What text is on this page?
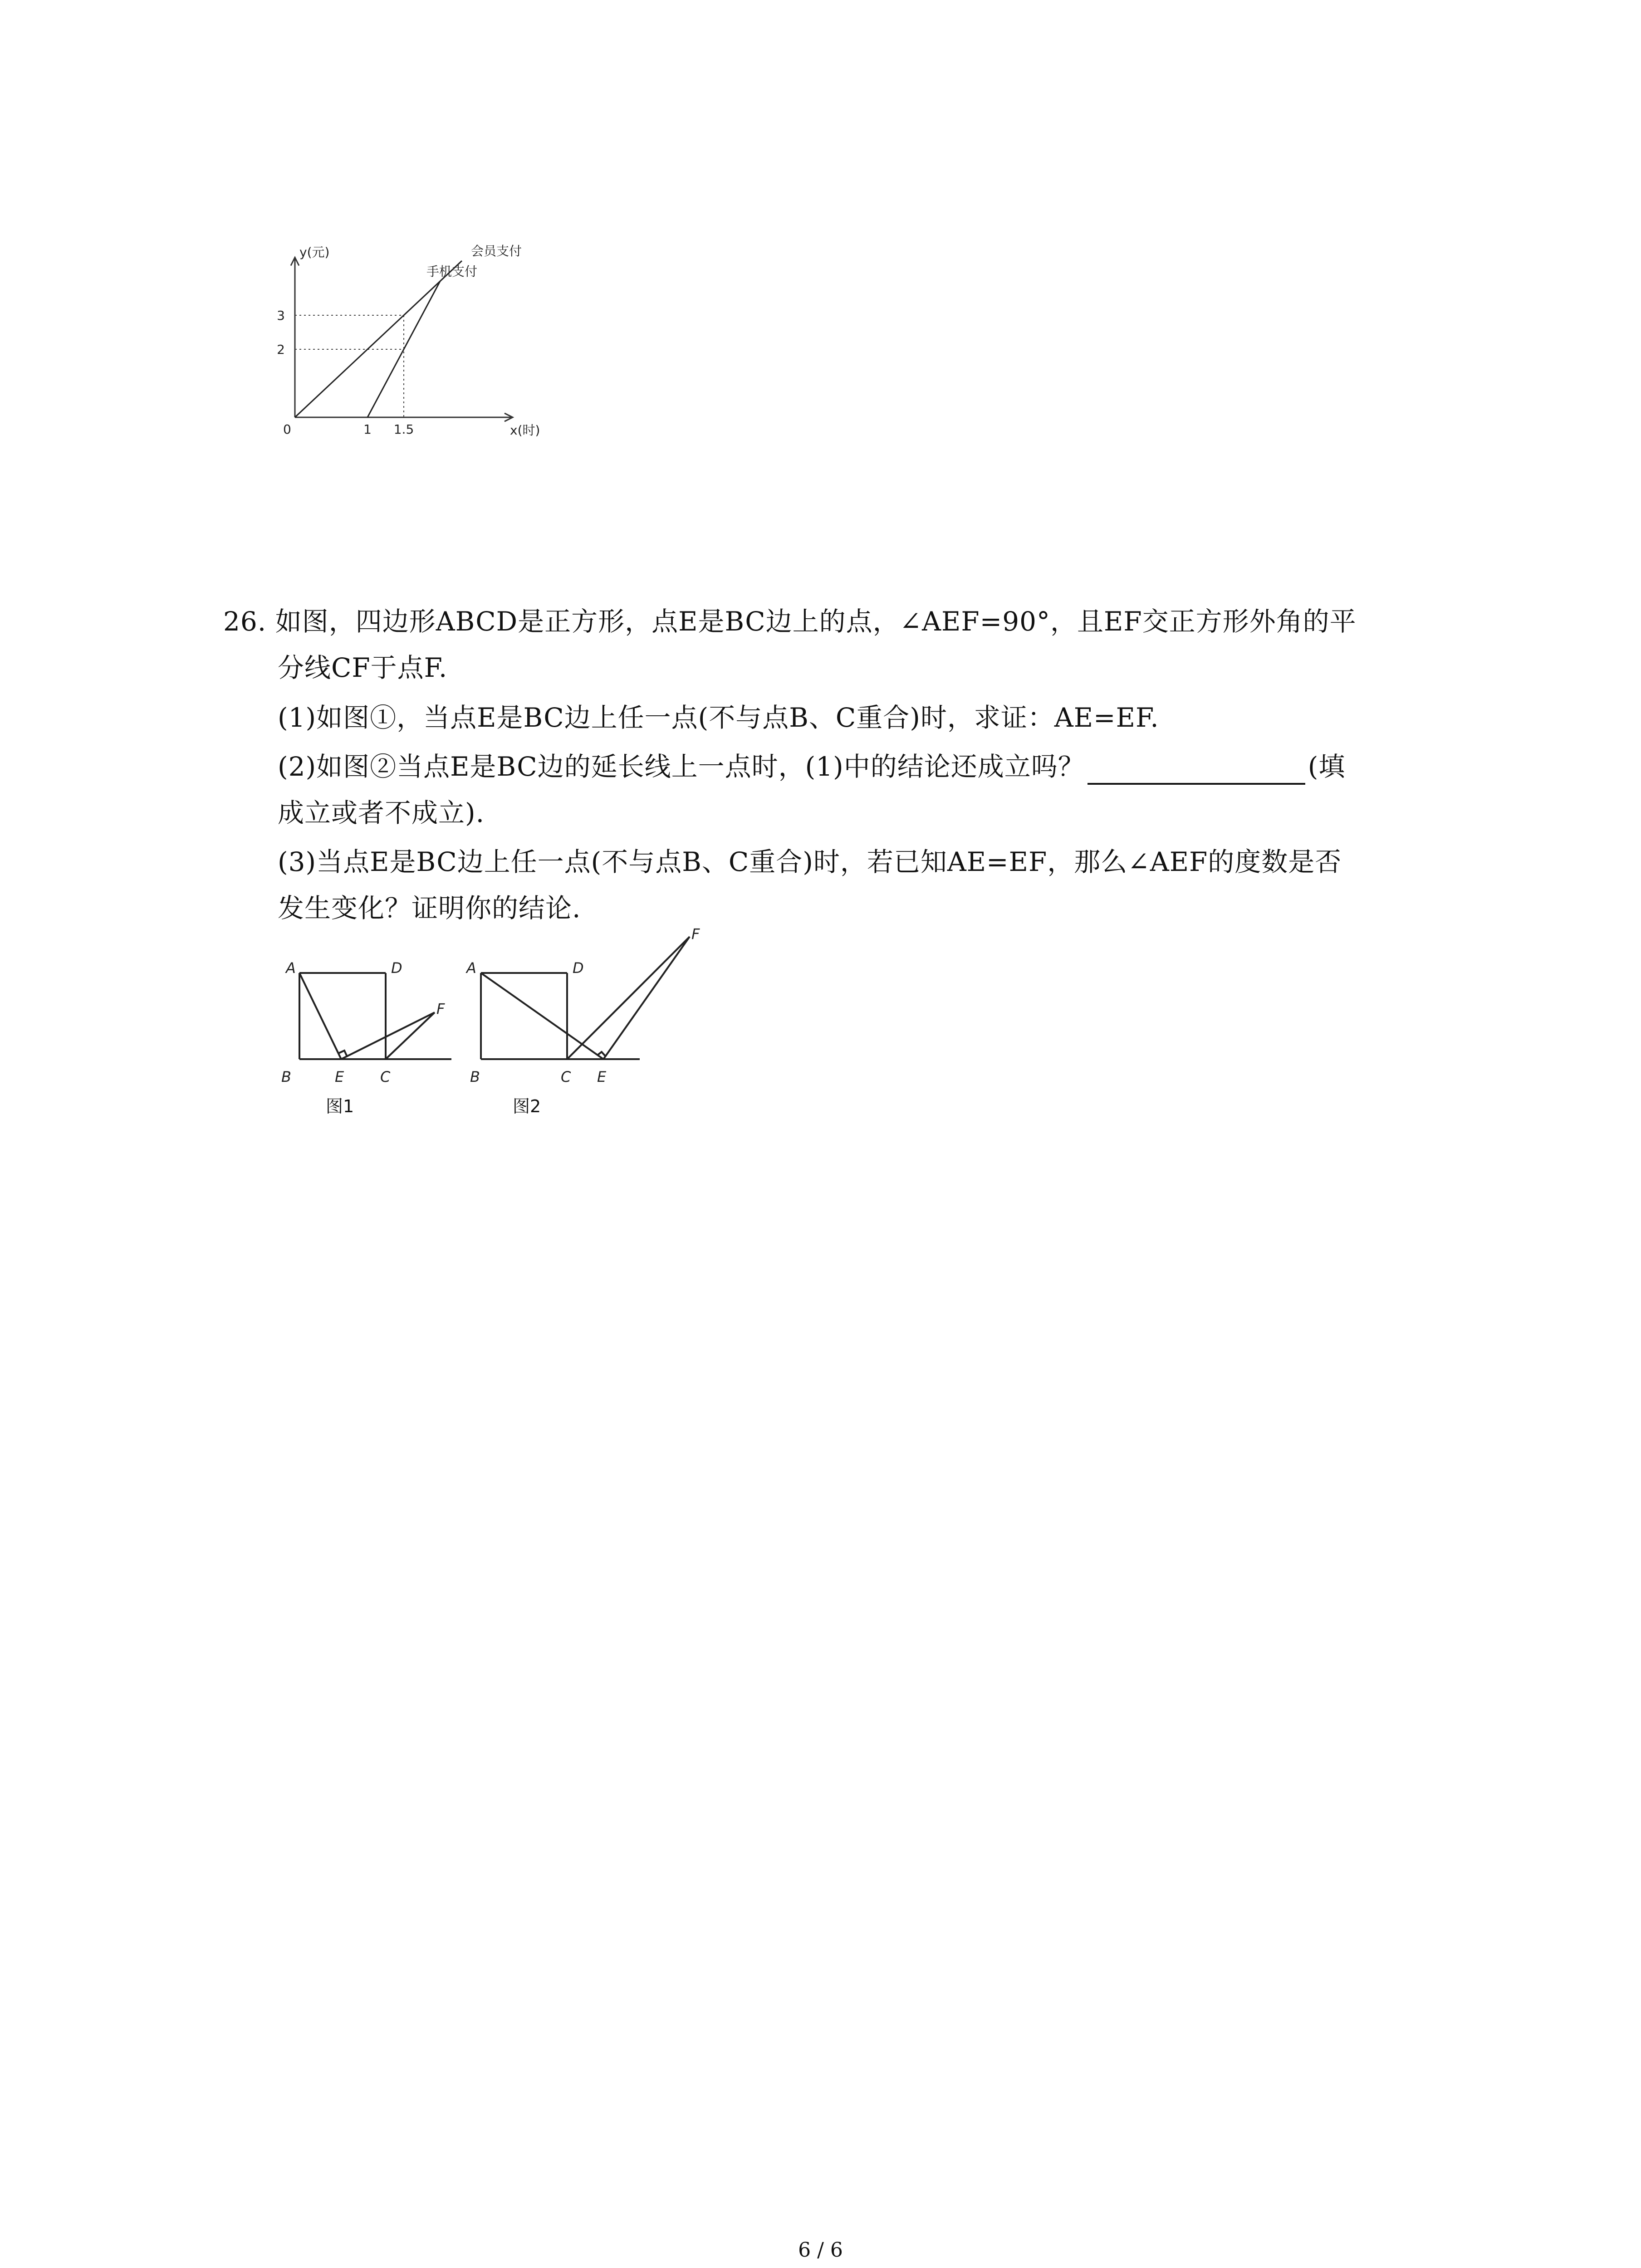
y(元)
x(时)
0	1 1.5
2
3
手机支付
会员支付
26. 如图，四边形ABCD是正方形，点E是BC边上的点，∠AEF=90°，且EF交正方形外角的平
分线CF于点F.
(1)如图①，当点E是BC边上任一点(不与点B、C重合)时，求证：AE=EF.
(2)如图②当点E是BC边的延长线上一点时，(1)中的结论还成立吗？	(填
成立或者不成立).
(3)当点E是BC边上任一点(不与点B、C重合)时，若已知AE=EF，那么∠AEF的度数是否
发生变化？证明你的结论.
A	D
B	E C
F
图1
A	D
B	C E
F
图2
6 / 6
